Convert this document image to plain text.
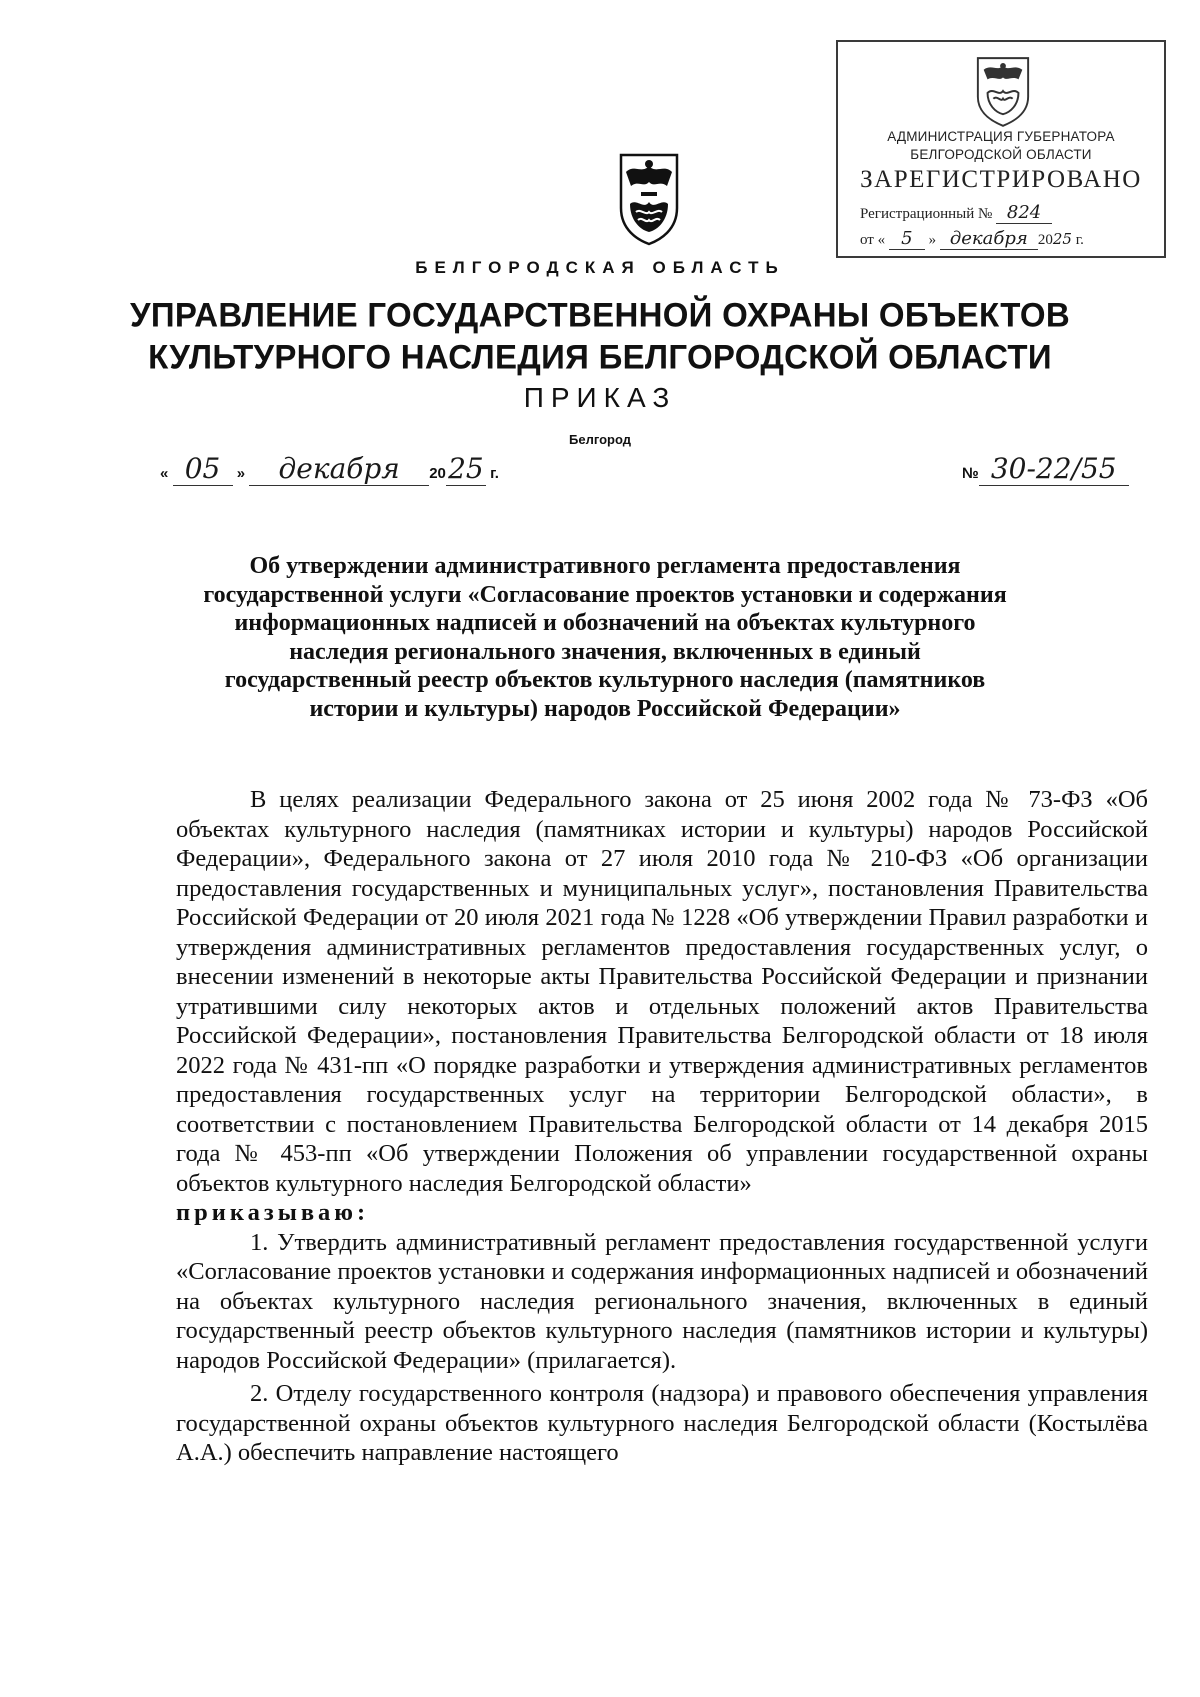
АДМИНИСТРАЦИЯ ГУБЕРНАТОРА
БЕЛГОРОДСКОЙ ОБЛАСТИ
ЗАРЕГИСТРИРОВАНО
Регистрационный № 824
от « 5 » декабря 2025 г.
БЕЛГОРОДСКАЯ ОБЛАСТЬ
УПРАВЛЕНИЕ ГОСУДАРСТВЕННОЙ ОХРАНЫ ОБЪЕКТОВ
КУЛЬТУРНОГО НАСЛЕДИЯ БЕЛГОРОДСКОЙ ОБЛАСТИ
ПРИКАЗ
Белгород
« 05 » декабря 2025 г.	№ 30-22/55
Об утверждении административного регламента предоставления
государственной услуги «Согласование проектов установки и содержания
информационных надписей и обозначений на объектах культурного
наследия регионального значения, включенных в единый
государственный реестр объектов культурного наследия (памятников
истории и культуры) народов Российской Федерации»

В целях реализации Федерального закона от 25 июня 2002 года № 73-ФЗ «Об объектах культурного наследия (памятниках истории и культуры) народов Российской Федерации», Федерального закона от 27 июля 2010 года № 210-ФЗ «Об организации предоставления государственных и муниципальных услуг», постановления Правительства Российской Федерации от 20 июля 2021 года № 1228 «Об утверждении Правил разработки и утверждения административных регламентов предоставления государственных услуг, о внесении изменений в некоторые акты Правительства Российской Федерации и признании утратившими силу некоторых актов и отдельных положений актов Правительства Российской Федерации», постановления Правительства Белгородской области от 18 июля 2022 года № 431-пп «О порядке разработки и утверждения административных регламентов предоставления государственных услуг на территории Белгородской области», в соответствии с постановлением Правительства Белгородской области от 14 декабря 2015 года № 453-пп «Об утверждении Положения об управлении государственной охраны объектов культурного наследия Белгородской области»

приказываю:

1. Утвердить административный регламент предоставления государственной услуги «Согласование проектов установки и содержания информационных надписей и обозначений на объектах культурного наследия регионального значения, включенных в единый государственный реестр объектов культурного наследия (памятников истории и культуры) народов Российской Федерации» (прилагается).

2. Отделу государственного контроля (надзора) и правового обеспечения управления государственной охраны объектов культурного наследия Белгородской области (Костылёва А.А.) обеспечить направление настоящего
